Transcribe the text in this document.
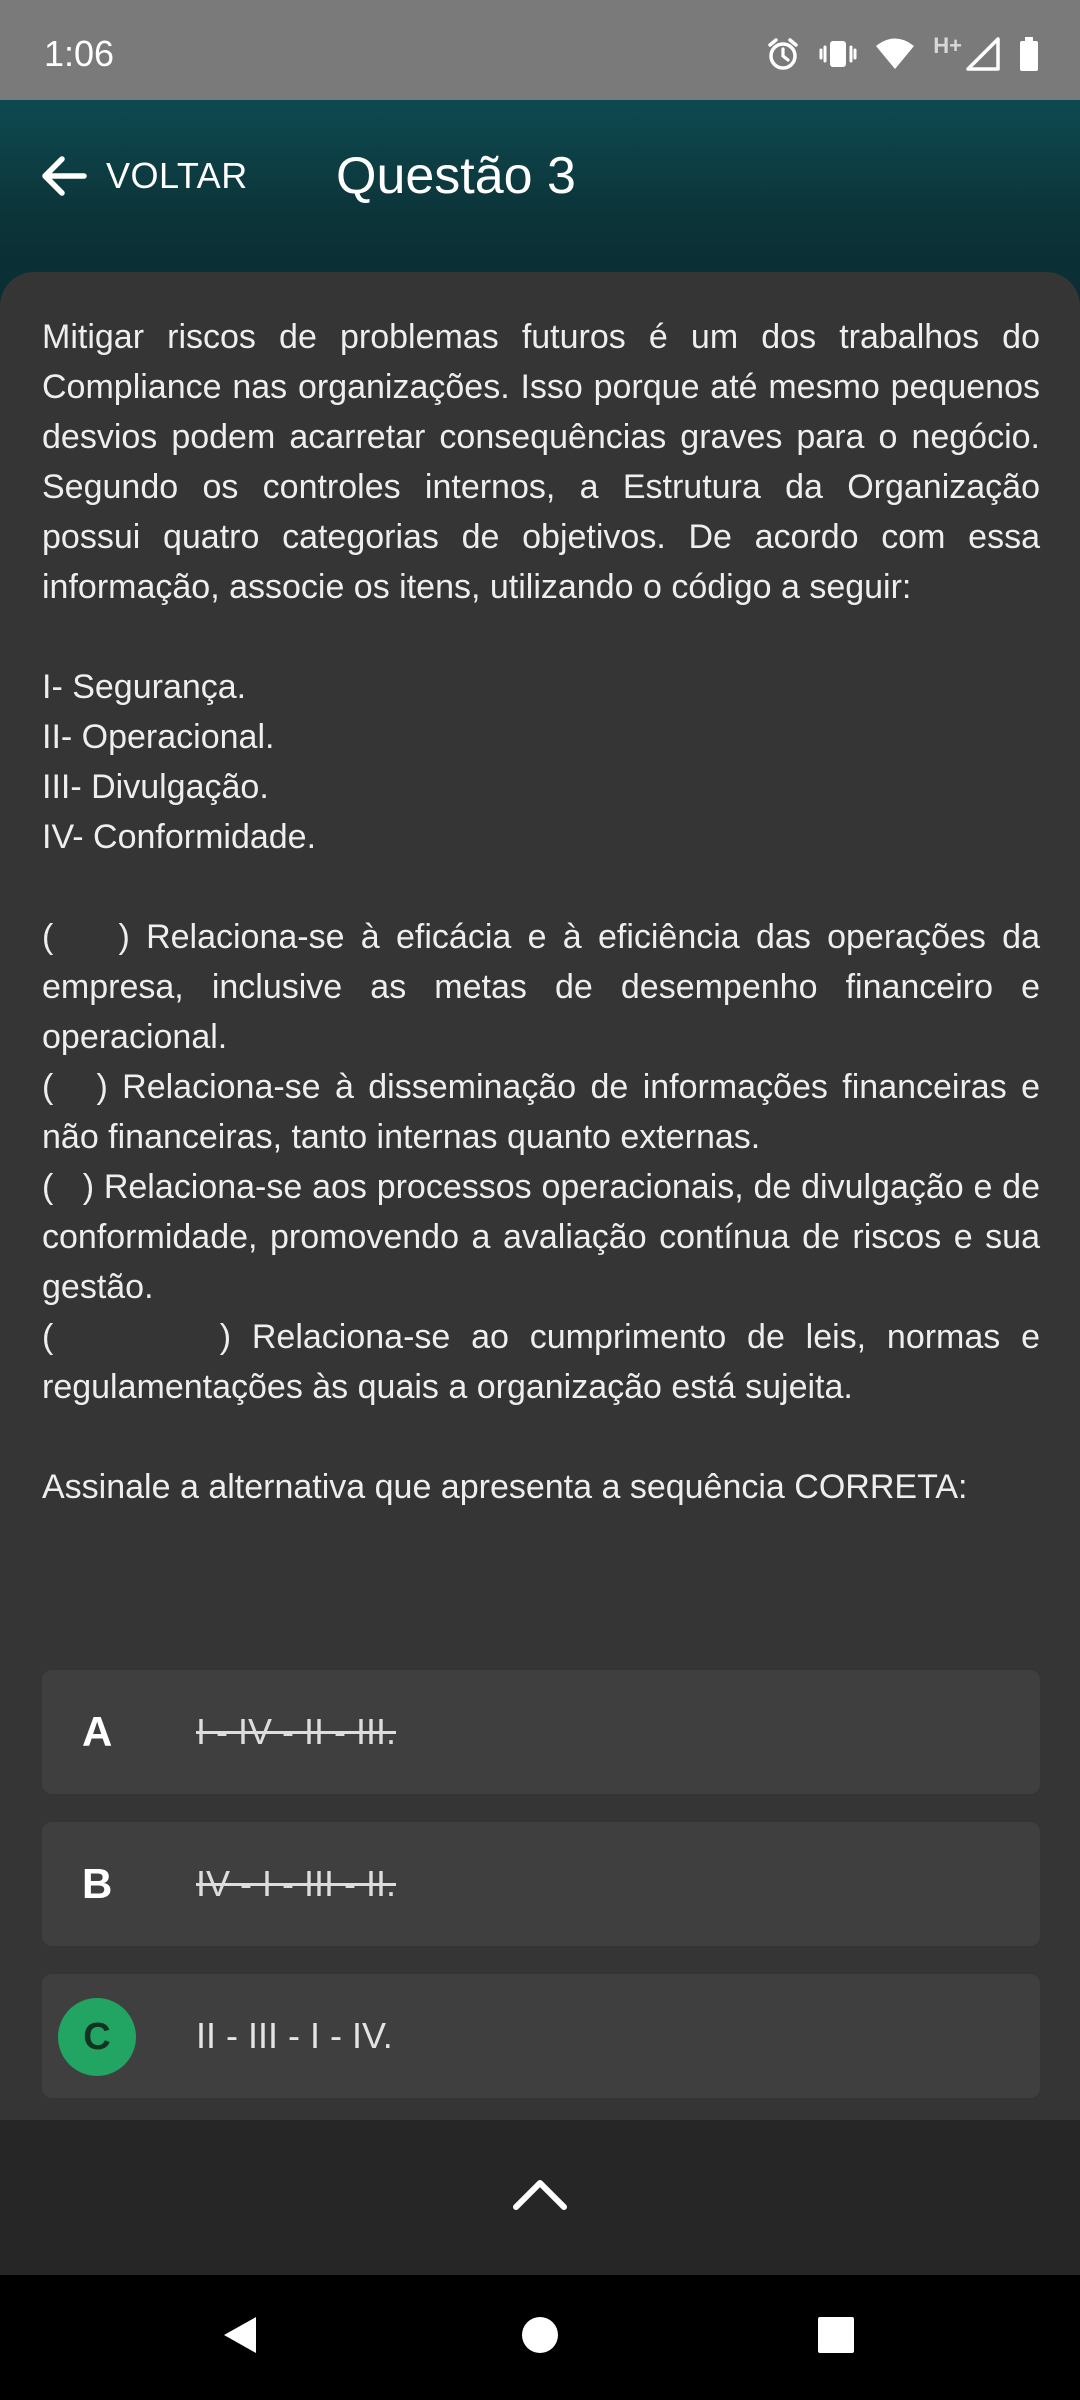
1:06	H+
VOLTAR Questão 3

Mitigar riscos de problemas futuros é um dos trabalhos do Compliance nas organizações. Isso porque até mesmo pequenos desvios podem acarretar consequências graves para o negócio. Segundo os controles internos, a Estrutura da Organização possui quatro categorias de objetivos. De acordo com essa informação, associe os itens, utilizando o código a seguir:

I- Segurança.

II- Operacional.

III- Divulgação.

IV- Conformidade.

(    ) Relaciona-se à eficácia e à eficiência das operações da empresa, inclusive as metas de desempenho financeiro e operacional.

(   ) Relaciona-se à disseminação de informações financeiras e não financeiras, tanto internas quanto externas.

(   ) Relaciona-se aos processos operacionais, de divulgação e de conformidade, promovendo a avaliação contínua de riscos e sua gestão.

(        ) Relaciona-se ao cumprimento de leis, normas e regulamentações às quais a organização está sujeita.

Assinale a alternativa que apresenta a sequência CORRETA:

A	I - IV - II - III.
B	IV - I - III - II.
C	II - III - I - IV.
